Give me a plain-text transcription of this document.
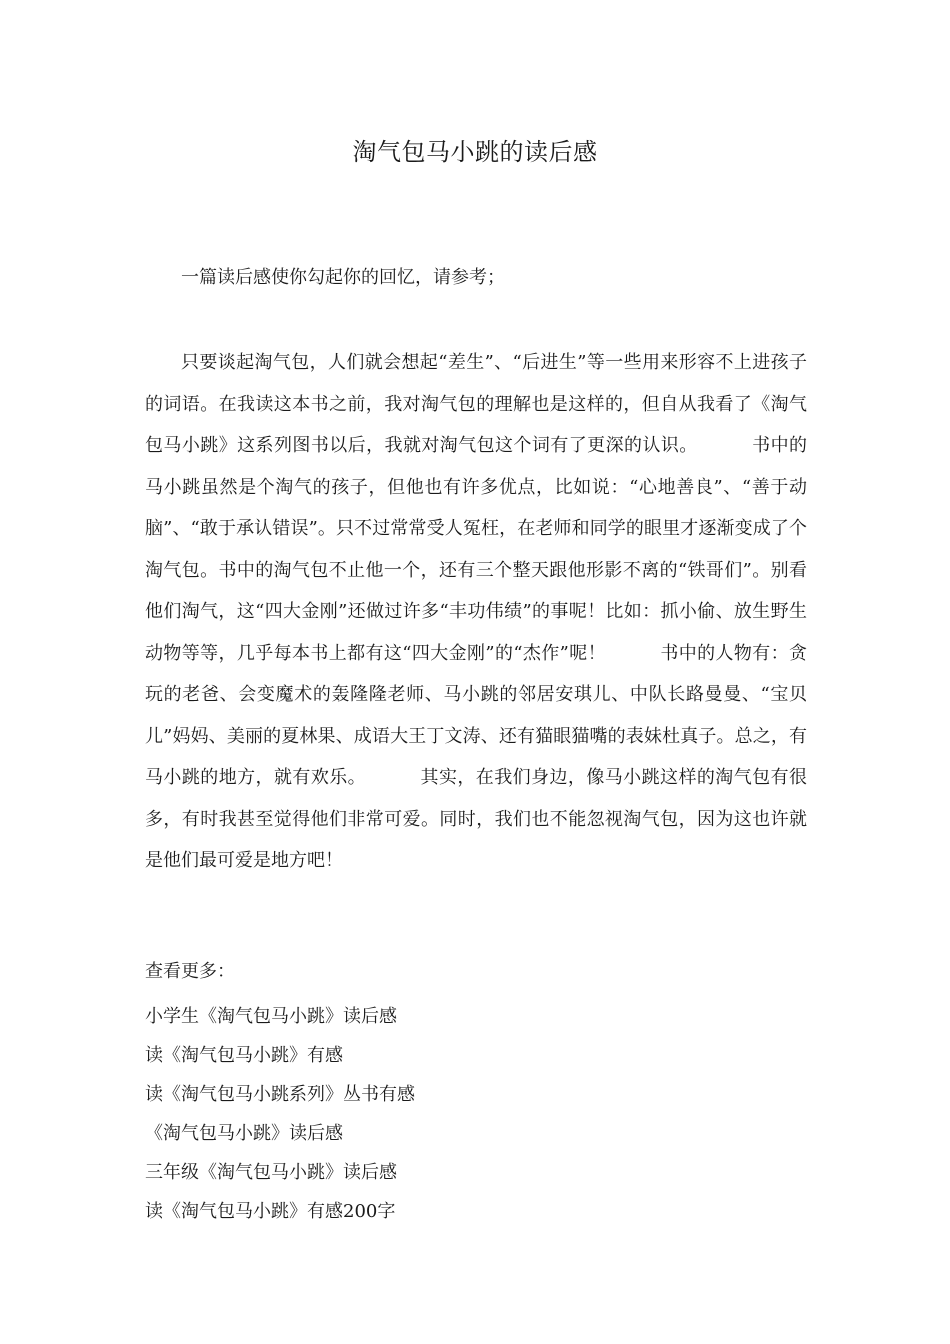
淘气包马小跳的读后感
一篇读后感使你勾起你的回忆，请参考；

只要谈起淘气包，人们就会想起“差生”、“后进生”等一些用来形容不上进孩子的词语。在我读这本书之前，我对淘气包的理解也是这样的，但自从我看了《淘气包马小跳》这系列图书以后，我就对淘气包这个词有了更深的认识。	书中的马小跳虽然是个淘气的孩子，但他也有许多优点，比如说：“心地善良”、“善于动脑”、“敢于承认错误”。只不过常常受人冤枉，在老师和同学的眼里才逐渐变成了个淘气包。书中的淘气包不止他一个，还有三个整天跟他形影不离的“铁哥们”。别看他们淘气，这“四大金刚”还做过许多“丰功伟绩”的事呢！比如：抓小偷、放生野生动物等等，几乎每本书上都有这“四大金刚”的“杰作”呢！	书中的人物有：贪玩的老爸、会变魔术的轰隆隆老师、马小跳的邻居安琪儿、中队长路曼曼、“宝贝儿”妈妈、美丽的夏林果、成语大王丁文涛、还有猫眼猫嘴的表妹杜真子。总之，有马小跳的地方，就有欢乐。	其实，在我们身边，像马小跳这样的淘气包有很多，有时我甚至觉得他们非常可爱。同时，我们也不能忽视淘气包，因为这也许就是他们最可爱是地方吧！

查看更多：
小学生《淘气包马小跳》读后感
读《淘气包马小跳》有感
读《淘气包马小跳系列》丛书有感
《淘气包马小跳》读后感
三年级《淘气包马小跳》读后感
读《淘气包马小跳》有感200字
